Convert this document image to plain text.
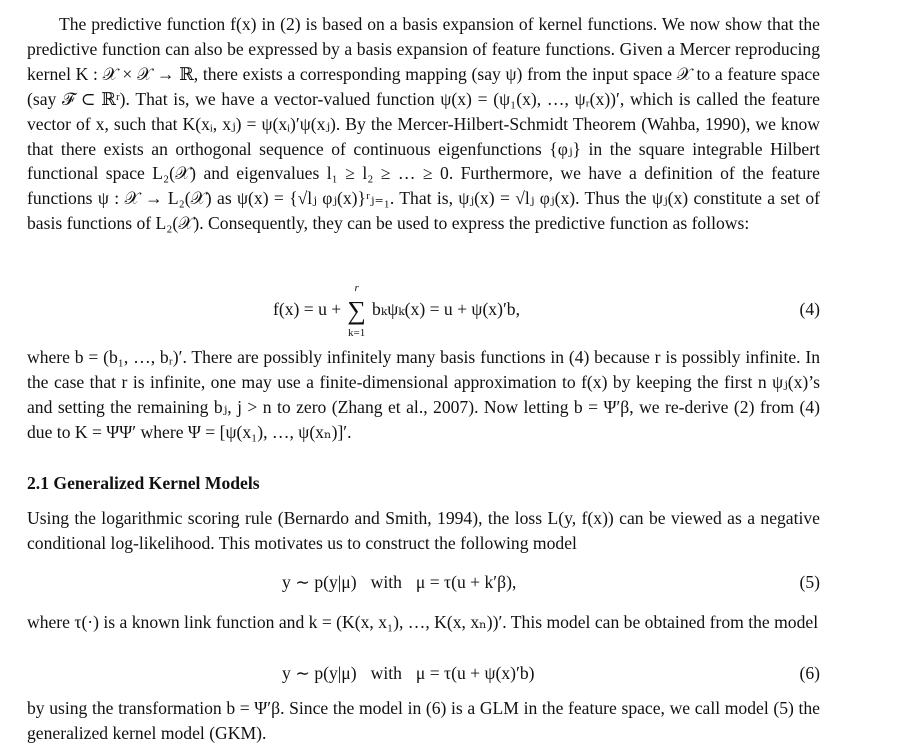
The predictive function f(x) in (2) is based on a basis expansion of kernel functions. We now show that the predictive function can also be expressed by a basis expansion of feature functions. Given a Mercer reproducing kernel K : 𝒳 × 𝒳 → ℝ, there exists a corresponding mapping (say ψ) from the input space 𝒳 to a feature space (say ℱ ⊂ ℝʳ). That is, we have a vector-valued function ψ(x) = (ψ₁(x), …, ψᵣ(x))′, which is called the feature vector of x, such that K(xᵢ, xⱼ) = ψ(xᵢ)′ψ(xⱼ). By the Mercer-Hilbert-Schmidt Theorem (Wahba, 1990), we know that there exists an orthogonal sequence of continuous eigenfunctions {φⱼ} in the square integrable Hilbert functional space L₂(𝒳) and eigenvalues l₁ ≥ l₂ ≥ … ≥ 0. Furthermore, we have a definition of the feature functions ψ : 𝒳 → L₂(𝒳) as ψ(x) = {√lⱼ φⱼ(x)}ʳⱼ₌₁. That is, ψⱼ(x) = √lⱼ φⱼ(x). Thus the ψⱼ(x) constitute a set of basis functions of L₂(𝒳). Consequently, they can be used to express the predictive function as follows:

f(x) = u +
r
∑
k=1
bₖψₖ(x) = u + ψ(x)′b,	(4)

where b = (b₁, …, bᵣ)′. There are possibly infinitely many basis functions in (4) because r is possibly infinite. In the case that r is infinite, one may use a finite-dimensional approximation to f(x) by keeping the first n ψⱼ(x)’s and setting the remaining bⱼ, j > n to zero (Zhang et al., 2007). Now letting b = Ψ′β, we re-derive (2) from (4) due to K = ΨΨ′ where Ψ = [ψ(x₁), …, ψ(xₙ)]′.

2.1 Generalized Kernel Models

Using the logarithmic scoring rule (Bernardo and Smith, 1994), the loss L(y, f(x)) can be viewed as a negative conditional log-likelihood. This motivates us to construct the following model

y ∼ p(y|μ) with μ = τ(u + k′β),	(5)

where τ(·) is a known link function and k = (K(x, x₁), …, K(x, xₙ))′. This model can be obtained from the model

y ∼ p(y|μ) with μ = τ(u + ψ(x)′b)	(6)

by using the transformation b = Ψ′β. Since the model in (6) is a GLM in the feature space, we call model (5) the generalized kernel model (GKM).
